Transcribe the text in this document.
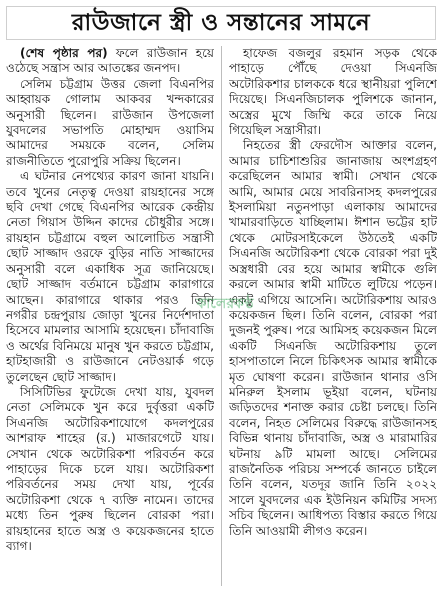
রাউজানে স্ত্রী ও সন্তানের সামনে

(শেষ পৃষ্ঠার পর) ফলে রাউজান হয়ে ওঠেছে সন্ত্রাস আর আতঙ্কের জনপদ।

সেলিম চট্টগ্রাম উত্তর জেলা বিএনপির আহ্বায়ক গোলাম আকবর খন্দকারের অনুসারী ছিলেন। রাউজান উপজেলা যুবদলের সভাপতি মোহাম্মদ ওয়াসিম আমাদের সময়কে বলেন, সেলিম রাজনীতিতে পুরোপুরি সক্রিয় ছিলেন।

এ ঘটনার নেপথ্যের কারণ জানা যায়নি। তবে খুনের নেতৃত্ব দেওয়া রায়হানের সঙ্গে ছবি দেখা গেছে বিএনপির আরেক কেন্দ্রীয় নেতা গিয়াস উদ্দিন কাদের চৌধুরীর সঙ্গে। রায়হান চট্টগ্রামে বহুল আলোচিত সন্ত্রাসী ছোট সাজ্জাদ ওরফে বুড়ির নাতি সাজ্জাদের অনুসারী বলে একাধিক সূত্র জানিয়েছে। ছোট সাজ্জাদ বর্তমানে চট্টগ্রাম কারাগারে আছেন। কারাগারে থাকার পরও তিনি নগরীর চন্দ্রপুরায় জোড়া খুনের নির্দেশদাতা হিসেবে মামলার আসামি হয়েছেন। চাঁদাবাজি ও অর্থের বিনিময়ে মানুষ খুন করতে চট্টগ্রাম, হাটহাজারী ও রাউজানে নেটওয়ার্ক গড়ে তুলেছেন ছোট সাজ্জাদ।

সিসিটিভির ফুটেজে দেখা যায়, যুবদল নেতা সেলিমকে খুন করে দুর্বৃত্তরা একটি সিএনজি অটোরিকশাযোগে কদলপুরের আশরাফ শাহের (র.) মাজারগেটে যায়। সেখান থেকে অটোরিকশা পরিবর্তন করে পাহাড়ের দিকে চলে যায়। অটোরিকশা পরিবর্তনের সময় দেখা যায়, পূর্বের অটোরিকশা থেকে ৭ ব্যক্তি নামেন। তাদের মধ্যে তিন পুরুষ ছিলেন বোরকা পরা। রায়হানের হাতে অস্ত্র ও কয়েকজনের হাতে ব্যাগ।

হাফেজ বজলুর রহমান সড়ক থেকে পাহাড়ে পৌঁছে দেওয়া সিএনজি অটোরিকশার চালককে ধরে স্থানীয়রা পুলিশে দিয়েছে। সিএনজিচালক পুলিশকে জানান, অস্ত্রের মুখে জিম্মি করে তাকে নিয়ে গিয়েছিল সন্ত্রাসীরা।

নিহতের স্ত্রী ফেরদৌস আক্তার বলেন, আমার চাচিশাশুরির জানাজায় অংশগ্রহণ করেছিলেন আমার স্বামী। সেখান থেকে আমি, আমার মেয়ে সাবরিনাসহ কদলপুরের ইসলামিয়া নতুনপাড়া এলাকায় আমাদের খামারবাড়িতে যাচ্ছিলাম। ঈশান ভট্টের হাট থেকে মোটরসাইকেলে উঠতেই একটি সিএনজি অটোরিকশা থেকে বোরকা পরা দুই অস্ত্রধারী বের হয়ে আমার স্বামীকে গুলি করলে আমার স্বামী মাটিতে লুটিয়ে পড়েন। একটু এগিয়ে আসেনি। অটোরিকশায় আরও কয়েকজন ছিল। তিনি বলেন, বোরকা পরা দুজনই পুরুষ। পরে আমিসহ কয়েকজন মিলে একটি সিএনজি অটোরিকশায় তুলে হাসপাতালে নিলে চিকিৎসক আমার স্বামীকে মৃত ঘোষণা করেন। রাউজান থানার ওসি মনিরুল ইসলাম ভূইয়া বলেন, ঘটনায় জড়িতদের শনাক্ত করার চেষ্টা চলছে। তিনি বলেন, নিহত সেলিমের বিরুদ্ধে রাউজানসহ বিভিন্ন থানায় চাঁদাবাজি, অস্ত্র ও মারামারির ঘটনায় ৯টি মামলা আছে। সেলিমের রাজনৈতিক পরিচয় সম্পর্কে জানতে চাইলে তিনি বলেন, যতদূর জানি তিনি ২০২২ সালে যুবদলের এক ইউনিয়ন কমিটির সদস্য সচিব ছিলেন। আধিপত্য বিস্তার করতে গিয়ে তিনি আওয়ামী লীগও করেন।

কালেরকণ্ঠ
